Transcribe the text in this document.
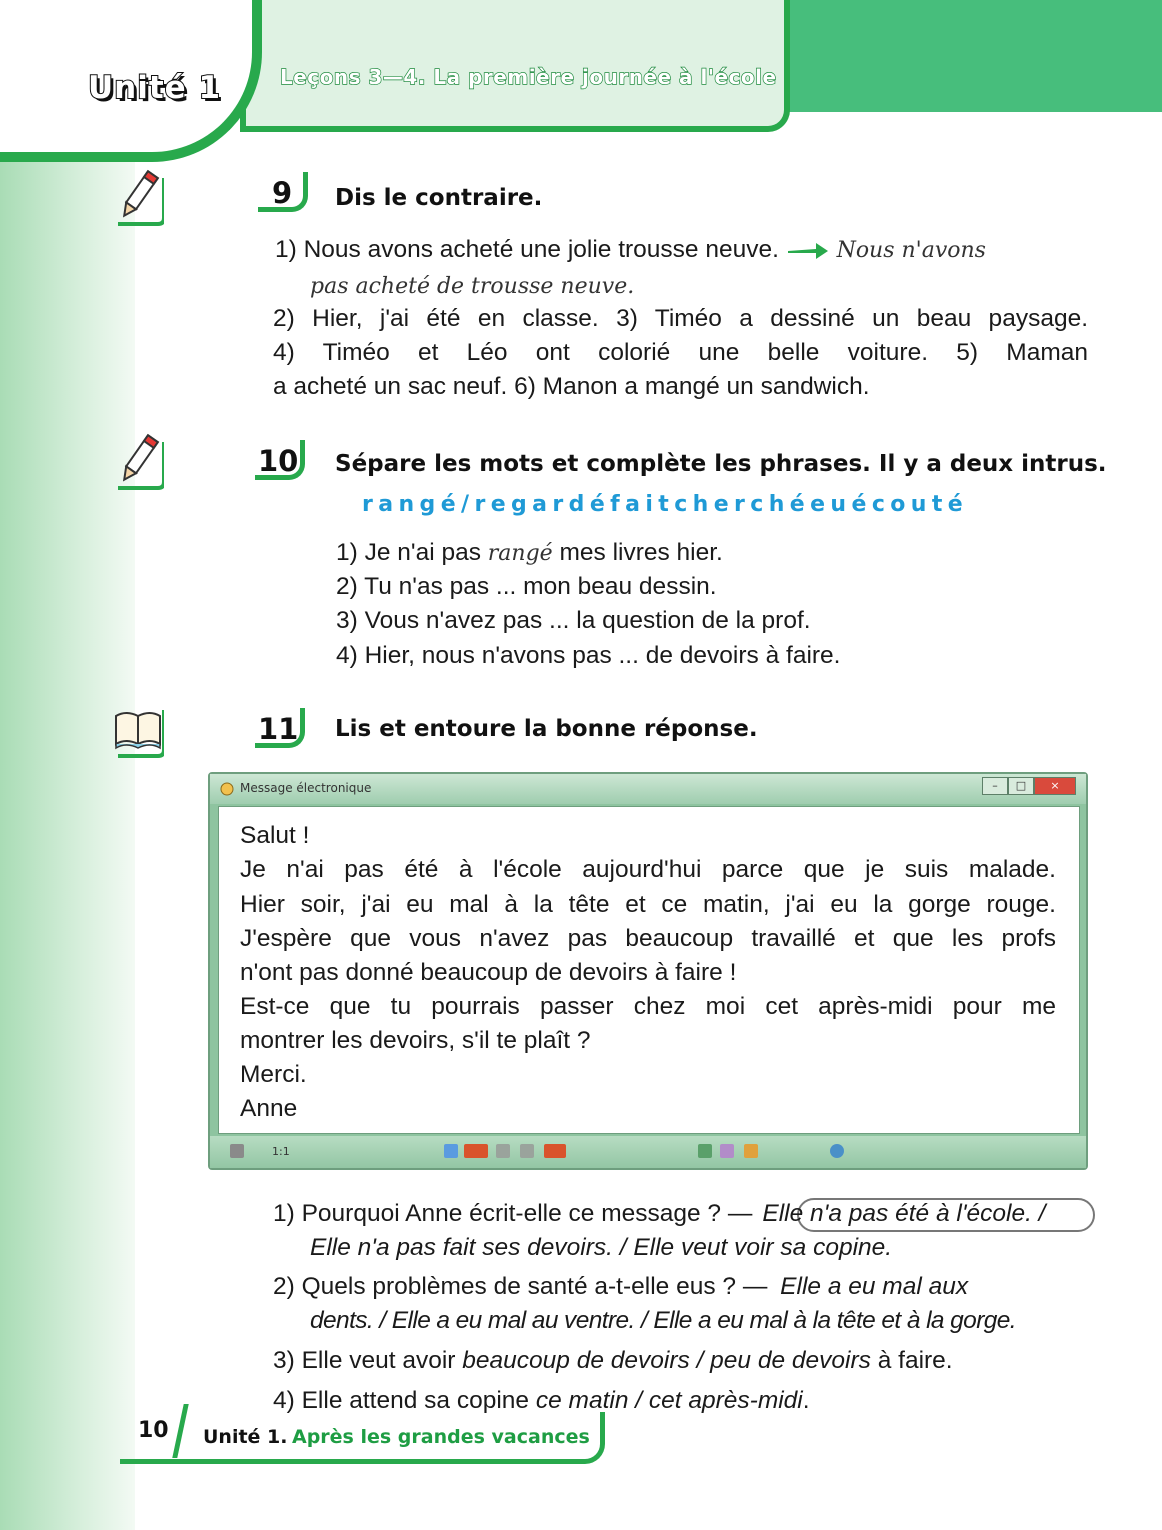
Unité 1	Leçons 3—4. La première journée à l'école
9 Dis le contraire.
1) Nous avons acheté une jolie trousse neuve.	Nous n'avons
pas acheté de trousse neuve.
2) Hier, j'ai été en classe. 3) Timéo a dessiné un beau paysage.
4) Timéo et Léo ont colorié une belle voiture. 5) Maman
a acheté un sac neuf. 6) Manon a mangé un sandwich.
10 Sépare les mots et complète les phrases. Il y a deux intrus.
rangé/regardéfaitcherchéeuécouté
1) Je n'ai pas rangé mes livres hier.
2) Tu n'as pas ... mon beau dessin.
3) Vous n'avez pas ... la question de la prof.
4) Hier, nous n'avons pas ... de devoirs à faire.
11 Lis et entoure la bonne réponse.
Message électronique	–	□	×
1:1
Salut !
Je n'ai pas été à l'école aujourd'hui parce que je suis malade.
Hier soir, j'ai eu mal à la tête et ce matin, j'ai eu la gorge rouge.
J'espère que vous n'avez pas beaucoup travaillé et que les profs
n'ont pas donné beaucoup de devoirs à faire !
Est-ce que tu pourrais passer chez moi cet après-midi pour me
montrer les devoirs, s'il te plaît ?
Merci.
Anne
1) Pourquoi Anne écrit-elle ce message ? — Elle n'a pas été à l'école. /
Elle n'a pas fait ses devoirs. / Elle veut voir sa copine.
2) Quels problèmes de santé a-t-elle eus ? — Elle a eu mal aux
dents. / Elle a eu mal au ventre. / Elle a eu mal à la tête et à la gorge.
3) Elle veut avoir beaucoup de devoirs / peu de devoirs à faire.
4) Elle attend sa copine ce matin / cet après-midi.
10 Unité 1. Après les grandes vacances
